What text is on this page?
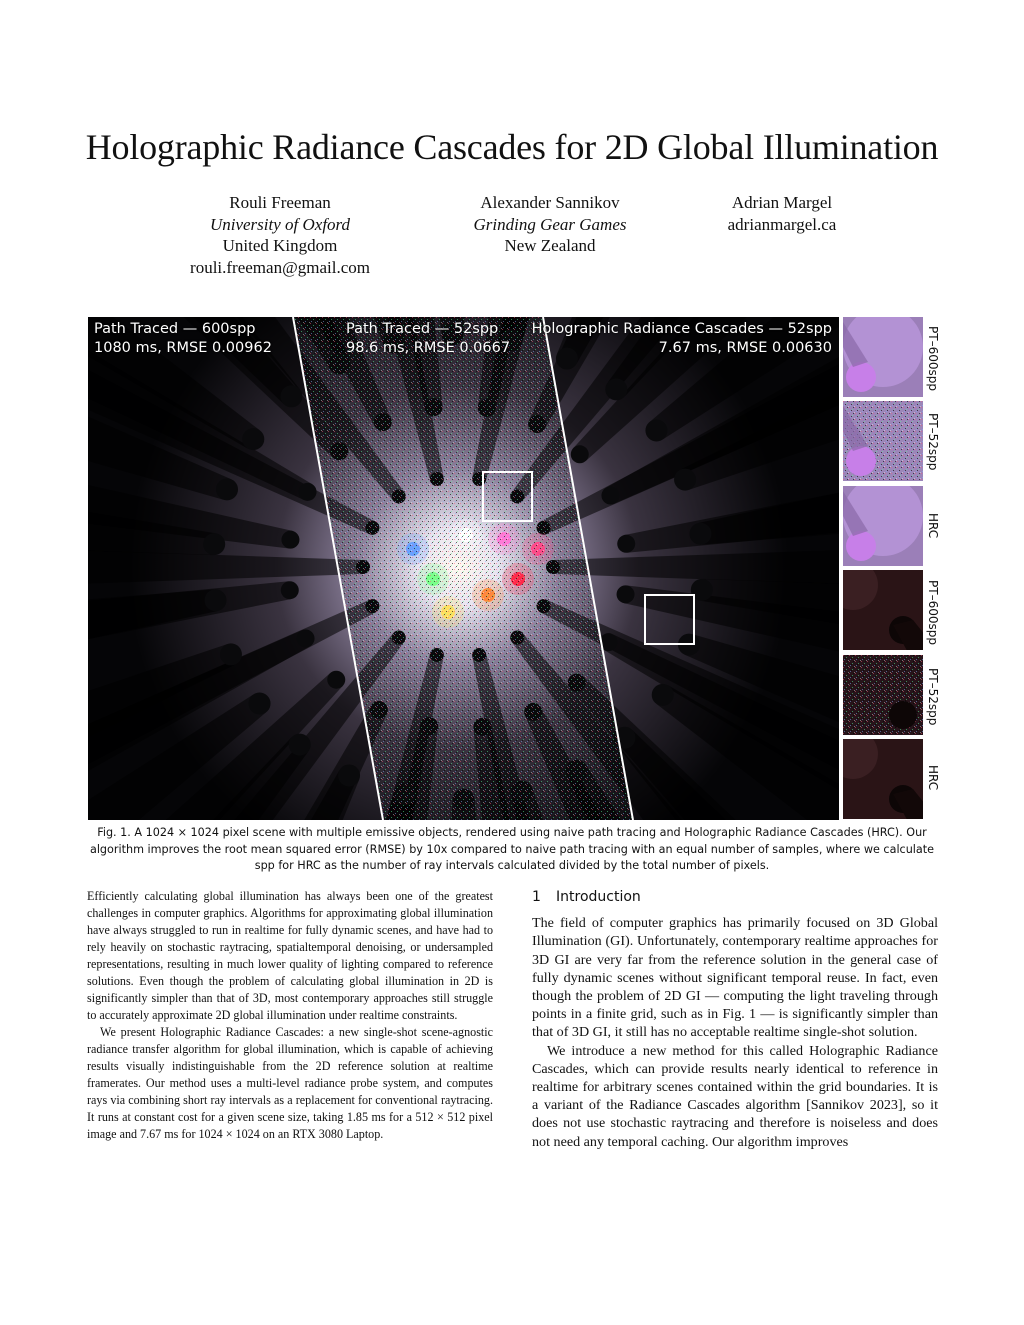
Holographic Radiance Cascades for 2D Global Illumination
Rouli Freeman
University of Oxford
United Kingdom
rouli.freeman@gmail.com
Alexander Sannikov
Grinding Gear Games
New Zealand
Adrian Margel
adrianmargel.ca
Path Traced — 600spp
1080 ms, RMSE 0.00962
Path Traced — 52spp
98.6 ms, RMSE 0.0667
Holographic Radiance Cascades — 52spp
7.67 ms, RMSE 0.00630	PT–600spp
PT–52spp
HRC
PT–600spp
PT–52spp
HRC
Fig. 1. A 1024 × 1024 pixel scene with multiple emissive objects, rendered using naive path tracing and Holographic Radiance Cascades (HRC). Our algorithm improves the root mean squared error (RMSE) by 10x compared to naive path tracing with an equal number of samples, where we calculate spp for HRC as the number of ray intervals calculated divided by the total number of pixels.

Efficiently calculating global illumination has always been one of the greatest challenges in computer graphics. Algorithms for approximating global illumination have always struggled to run in realtime for fully dynamic scenes, and have had to rely heavily on stochastic raytracing, spatialtemporal denoising, or undersampled representations, resulting in much lower quality of lighting compared to reference solutions. Even though the problem of calculating global illumination in 2D is significantly simpler than that of 3D, most contemporary approaches still struggle to accurately approximate 2D global illumination under realtime constraints.

We present Holographic Radiance Cascades: a new single-shot scene-agnostic radiance transfer algorithm for global illumination, which is capable of achieving results visually indistinguishable from the 2D reference solution at realtime framerates. Our method uses a multi-level radiance probe system, and computes rays via combining short ray intervals as a replacement for conventional raytracing. It runs at constant cost for a given scene size, taking 1.85 ms for a 512 × 512 pixel image and 7.67 ms for 1024 × 1024 on an RTX 3080 Laptop.

1 Introduction

The field of computer graphics has primarily focused on 3D Global Illumination (GI). Unfortunately, contemporary realtime approaches for 3D GI are very far from the reference solution in the general case of fully dynamic scenes without significant temporal reuse. In fact, even though the problem of 2D GI — computing the light traveling through points in a finite grid, such as in Fig. 1 — is significantly simpler than that of 3D GI, it still has no acceptable realtime single-shot solution.

We introduce a new method for this called Holographic Radiance Cascades, which can provide results nearly identical to reference in realtime for arbitrary scenes contained within the grid boundaries. It is a variant of the Radiance Cascades algorithm [Sannikov 2023], so it does not use stochastic raytracing and therefore is noiseless and does not need any temporal caching. Our algorithm improves
